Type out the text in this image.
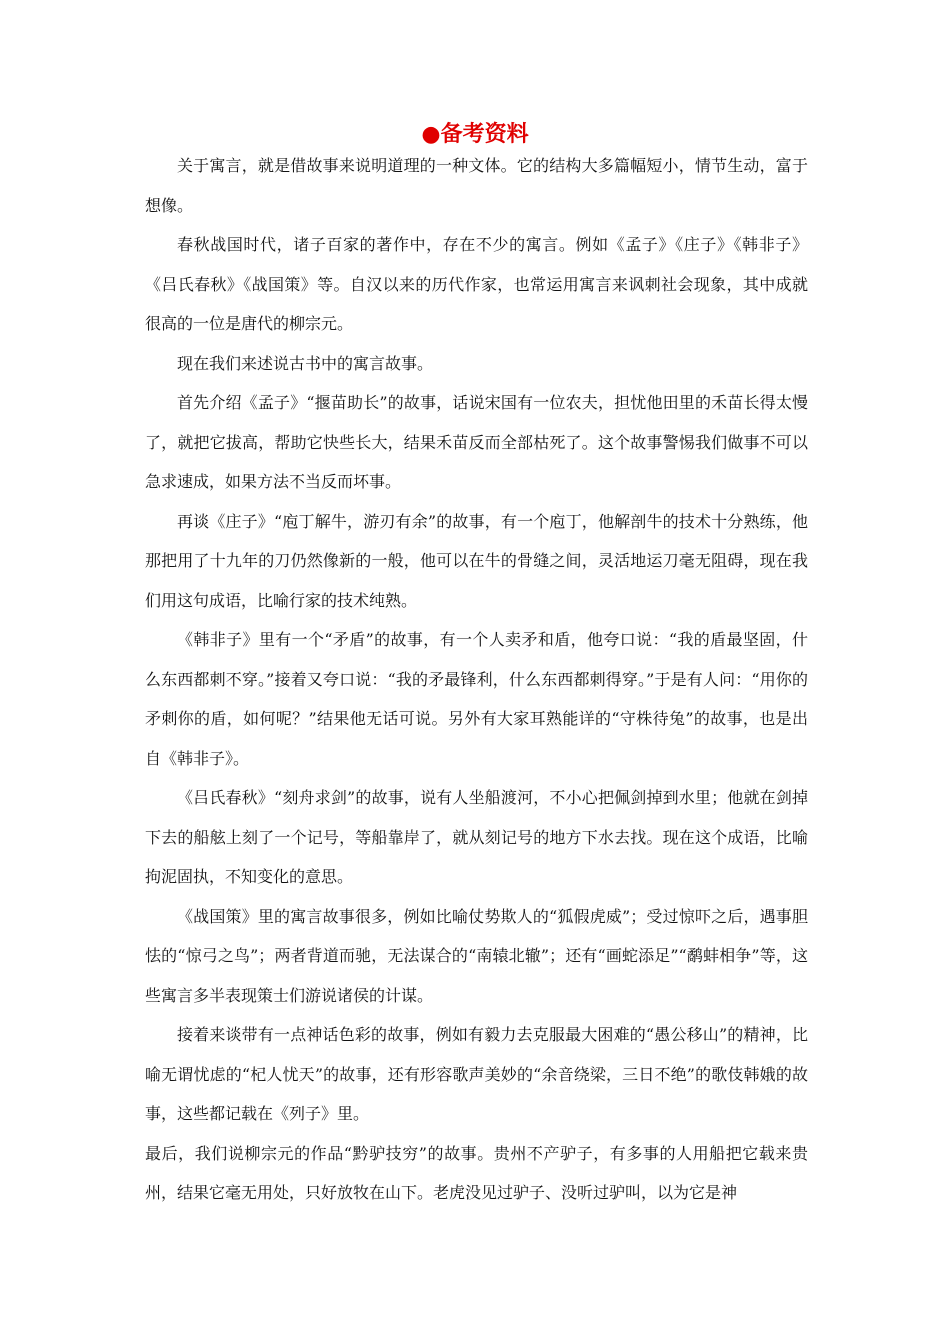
●备考资料

关于寓言，就是借故事来说明道理的一种文体。它的结构大多篇幅短小，情节生动，富于想像。

春秋战国时代，诸子百家的著作中，存在不少的寓言。例如《孟子》《庄子》《韩非子》《吕氏春秋》《战国策》等。自汉以来的历代作家，也常运用寓言来讽刺社会现象，其中成就很高的一位是唐代的柳宗元。

现在我们来述说古书中的寓言故事。

首先介绍《孟子》“揠苗助长”的故事，话说宋国有一位农夫，担忧他田里的禾苗长得太慢了，就把它拔高，帮助它快些长大，结果禾苗反而全部枯死了。这个故事警惕我们做事不可以急求速成，如果方法不当反而坏事。

再谈《庄子》“庖丁解牛，游刃有余”的故事，有一个庖丁，他解剖牛的技术十分熟练，他那把用了十九年的刀仍然像新的一般，他可以在牛的骨缝之间，灵活地运刀毫无阻碍，现在我们用这句成语，比喻行家的技术纯熟。

《韩非子》里有一个“矛盾”的故事，有一个人卖矛和盾，他夸口说：“我的盾最坚固，什么东西都刺不穿。”接着又夸口说：“我的矛最锋利，什么东西都刺得穿。”于是有人问：“用你的矛刺你的盾，如何呢？”结果他无话可说。另外有大家耳熟能详的“守株待兔”的故事，也是出自《韩非子》。

《吕氏春秋》“刻舟求剑”的故事，说有人坐船渡河，不小心把佩剑掉到水里；他就在剑掉下去的船舷上刻了一个记号，等船靠岸了，就从刻记号的地方下水去找。现在这个成语，比喻拘泥固执，不知变化的意思。

《战国策》里的寓言故事很多，例如比喻仗势欺人的“狐假虎威”；受过惊吓之后，遇事胆怯的“惊弓之鸟”；两者背道而驰，无法谋合的“南辕北辙”；还有“画蛇添足”“鹬蚌相争”等，这些寓言多半表现策士们游说诸侯的计谋。

接着来谈带有一点神话色彩的故事，例如有毅力去克服最大困难的“愚公移山”的精神，比喻无谓忧虑的“杞人忧天”的故事，还有形容歌声美妙的“余音绕梁，三日不绝”的歌伎韩娥的故事，这些都记载在《列子》里。

最后，我们说柳宗元的作品“黔驴技穷”的故事。贵州不产驴子，有多事的人用船把它载来贵州，结果它毫无用处，只好放牧在山下。老虎没见过驴子、没听过驴叫，以为它是神
